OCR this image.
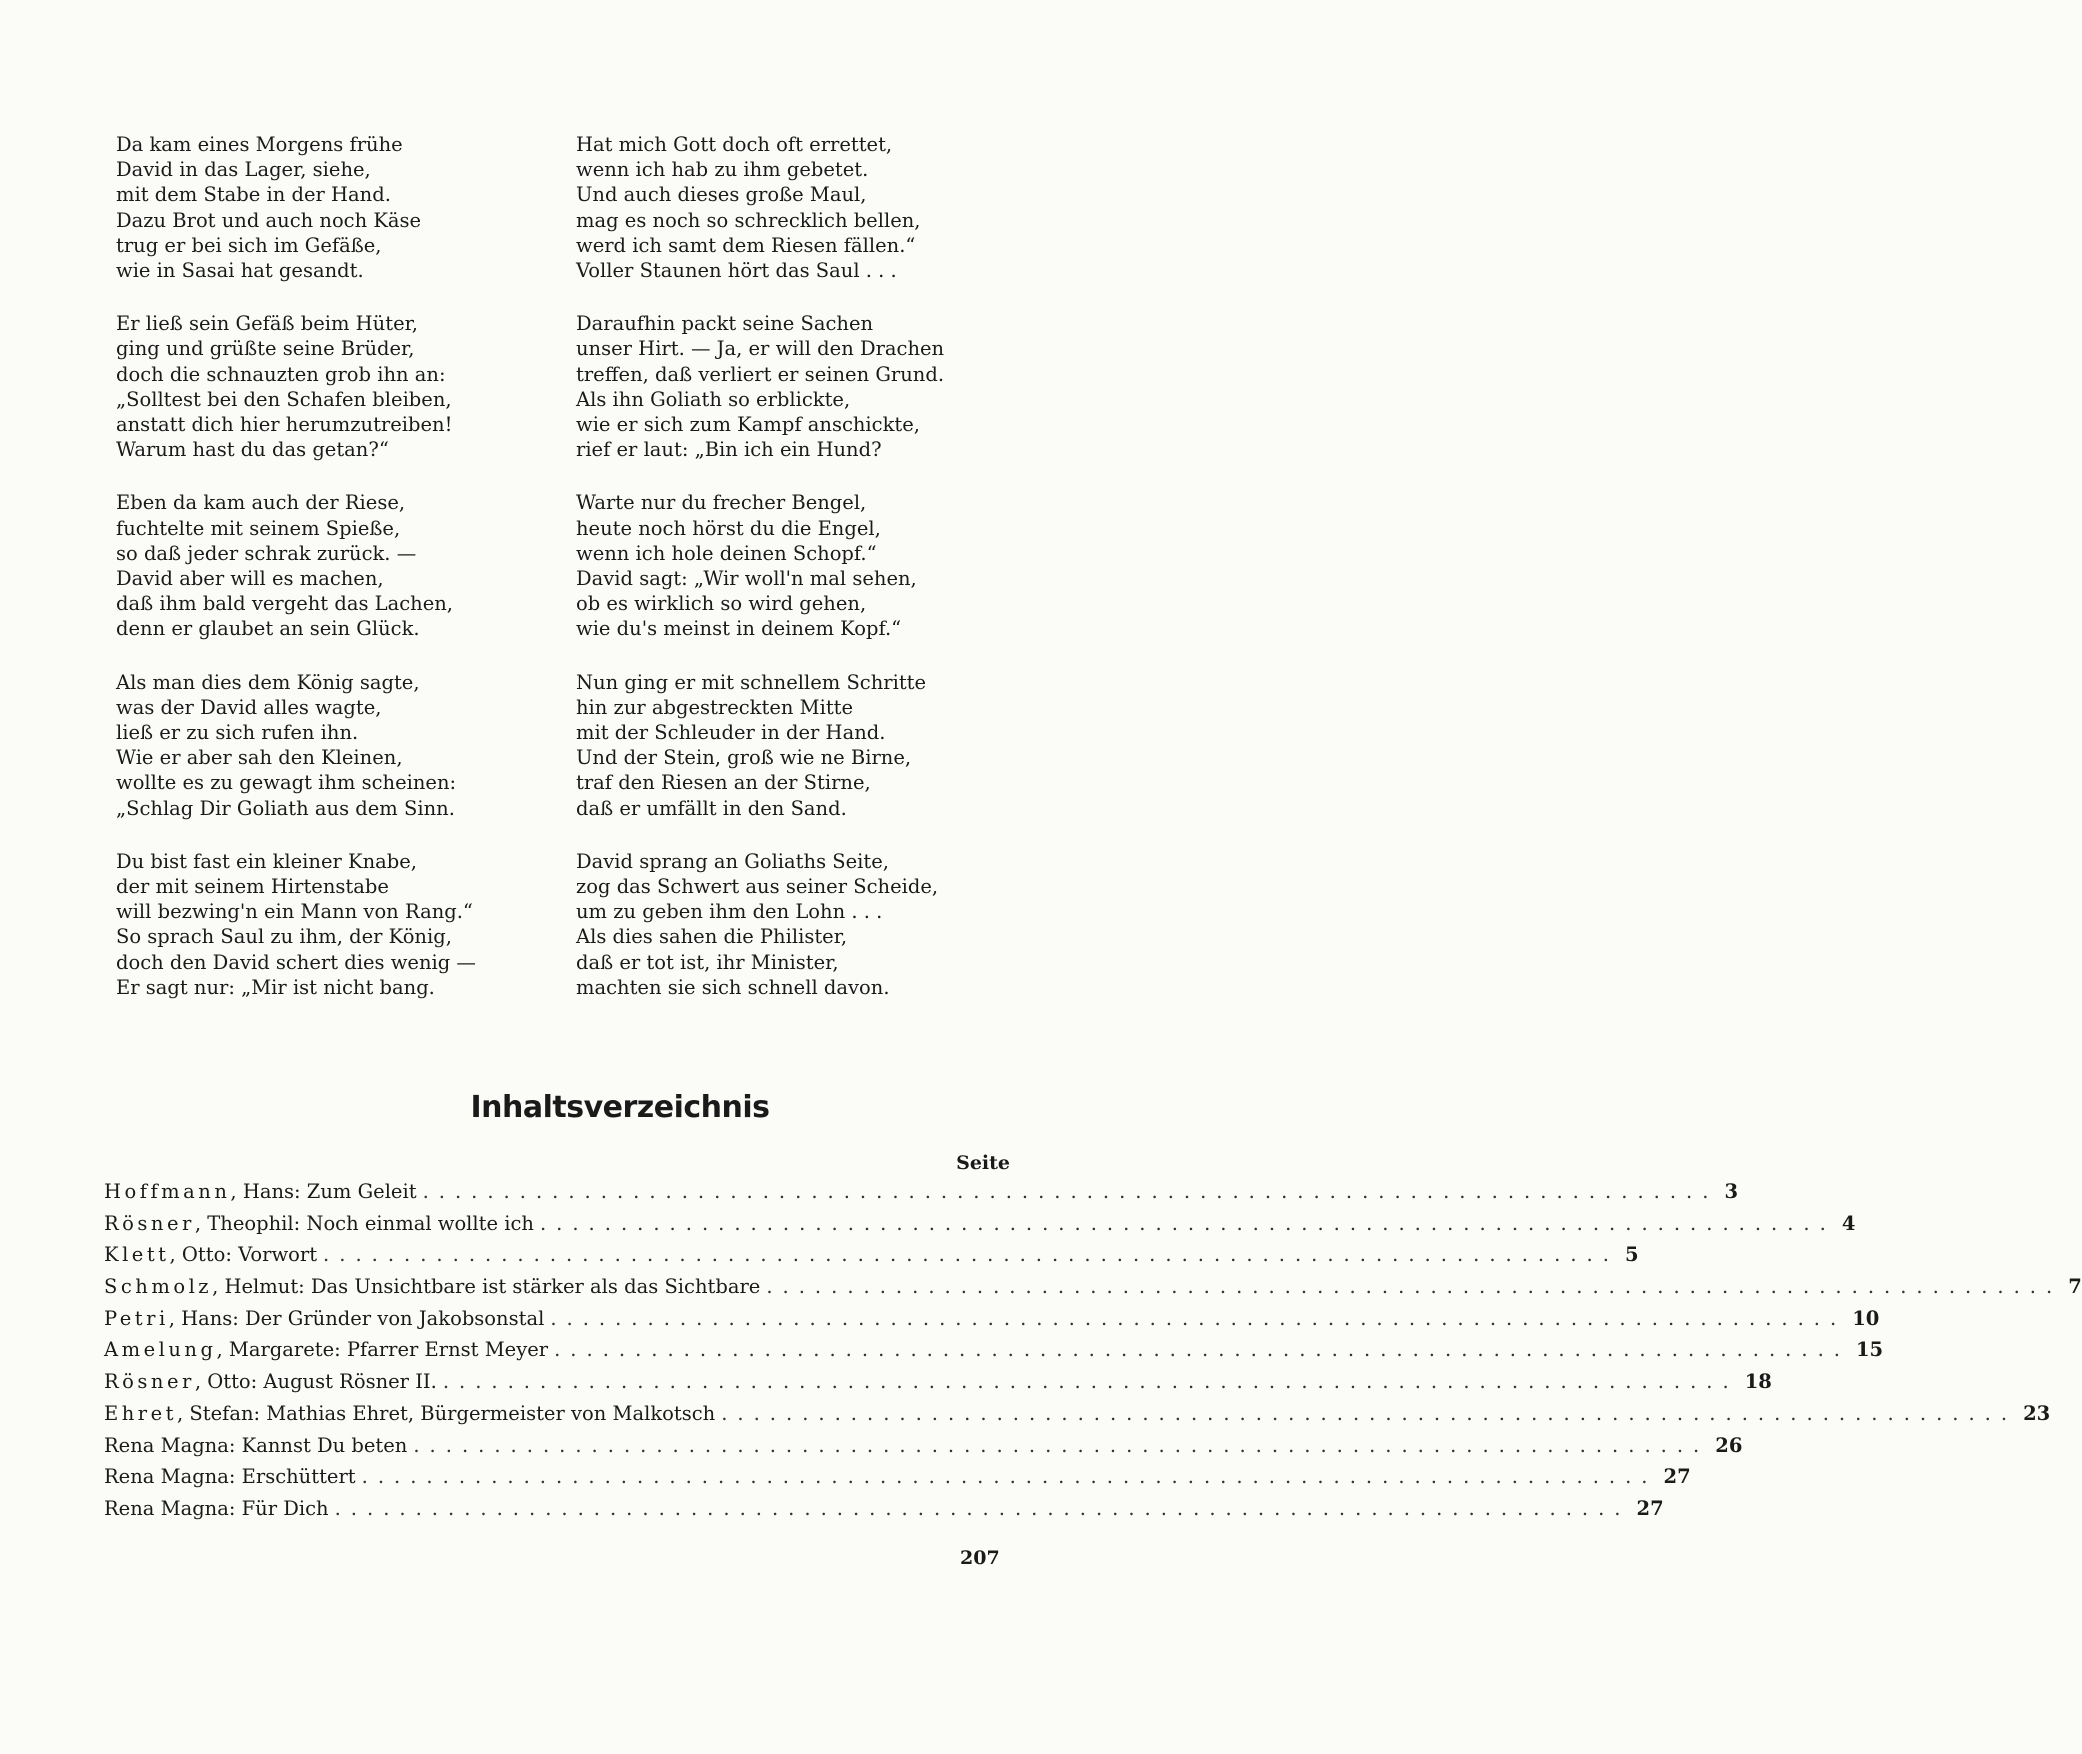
Da kam eines Morgens frühe
David in das Lager, siehe,
mit dem Stabe in der Hand.
Dazu Brot und auch noch Käse
trug er bei sich im Gefäße,
wie in Sasai hat gesandt.
Er ließ sein Gefäß beim Hüter,
ging und grüßte seine Brüder,
doch die schnauzten grob ihn an:
„Solltest bei den Schafen bleiben,
anstatt dich hier herumzutreiben!
Warum hast du das getan?“
Eben da kam auch der Riese,
fuchtelte mit seinem Spieße,
so daß jeder schrak zurück. —
David aber will es machen,
daß ihm bald vergeht das Lachen,
denn er glaubet an sein Glück.
Als man dies dem König sagte,
was der David alles wagte,
ließ er zu sich rufen ihn.
Wie er aber sah den Kleinen,
wollte es zu gewagt ihm scheinen:
„Schlag Dir Goliath aus dem Sinn.
Du bist fast ein kleiner Knabe,
der mit seinem Hirtenstabe
will bezwing'n ein Mann von Rang.“
So sprach Saul zu ihm, der König,
doch den David schert dies wenig —
Er sagt nur: „Mir ist nicht bang.
Hat mich Gott doch oft errettet,
wenn ich hab zu ihm gebetet.
Und auch dieses große Maul,
mag es noch so schrecklich bellen,
werd ich samt dem Riesen fällen.“
Voller Staunen hört das Saul . . .
Daraufhin packt seine Sachen
unser Hirt. — Ja, er will den Drachen
treffen, daß verliert er seinen Grund.
Als ihn Goliath so erblickte,
wie er sich zum Kampf anschickte,
rief er laut: „Bin ich ein Hund?
Warte nur du frecher Bengel,
heute noch hörst du die Engel,
wenn ich hole deinen Schopf.“
David sagt: „Wir woll'n mal sehen,
ob es wirklich so wird gehen,
wie du's meinst in deinem Kopf.“
Nun ging er mit schnellem Schritte
hin zur abgestreckten Mitte
mit der Schleuder in der Hand.
Und der Stein, groß wie ne Birne,
traf den Riesen an der Stirne,
daß er umfällt in den Sand.
David sprang an Goliaths Seite,
zog das Schwert aus seiner Scheide,
um zu geben ihm den Lohn . . .
Als dies sahen die Philister,
daß er tot ist, ihr Minister,
machten sie sich schnell davon.
Inhaltsverzeichnis
Seite
Hoffmann, Hans: Zum Geleit ................................................................................ 3
Rösner, Theophil: Noch einmal wollte ich ................................................................................ 4
Klett, Otto: Vorwort ................................................................................ 5
Schmolz, Helmut: Das Unsichtbare ist stärker als das Sichtbare ................................................................................ 7
Petri, Hans: Der Gründer von Jakobsonstal ................................................................................ 10
Amelung, Margarete: Pfarrer Ernst Meyer ................................................................................ 15
Rösner, Otto: August Rösner II. ................................................................................ 18
Ehret, Stefan: Mathias Ehret, Bürgermeister von Malkotsch ................................................................................ 23
Rena Magna: Kannst Du beten ................................................................................ 26
Rena Magna: Erschüttert ................................................................................ 27
Rena Magna: Für Dich ................................................................................ 27
207
